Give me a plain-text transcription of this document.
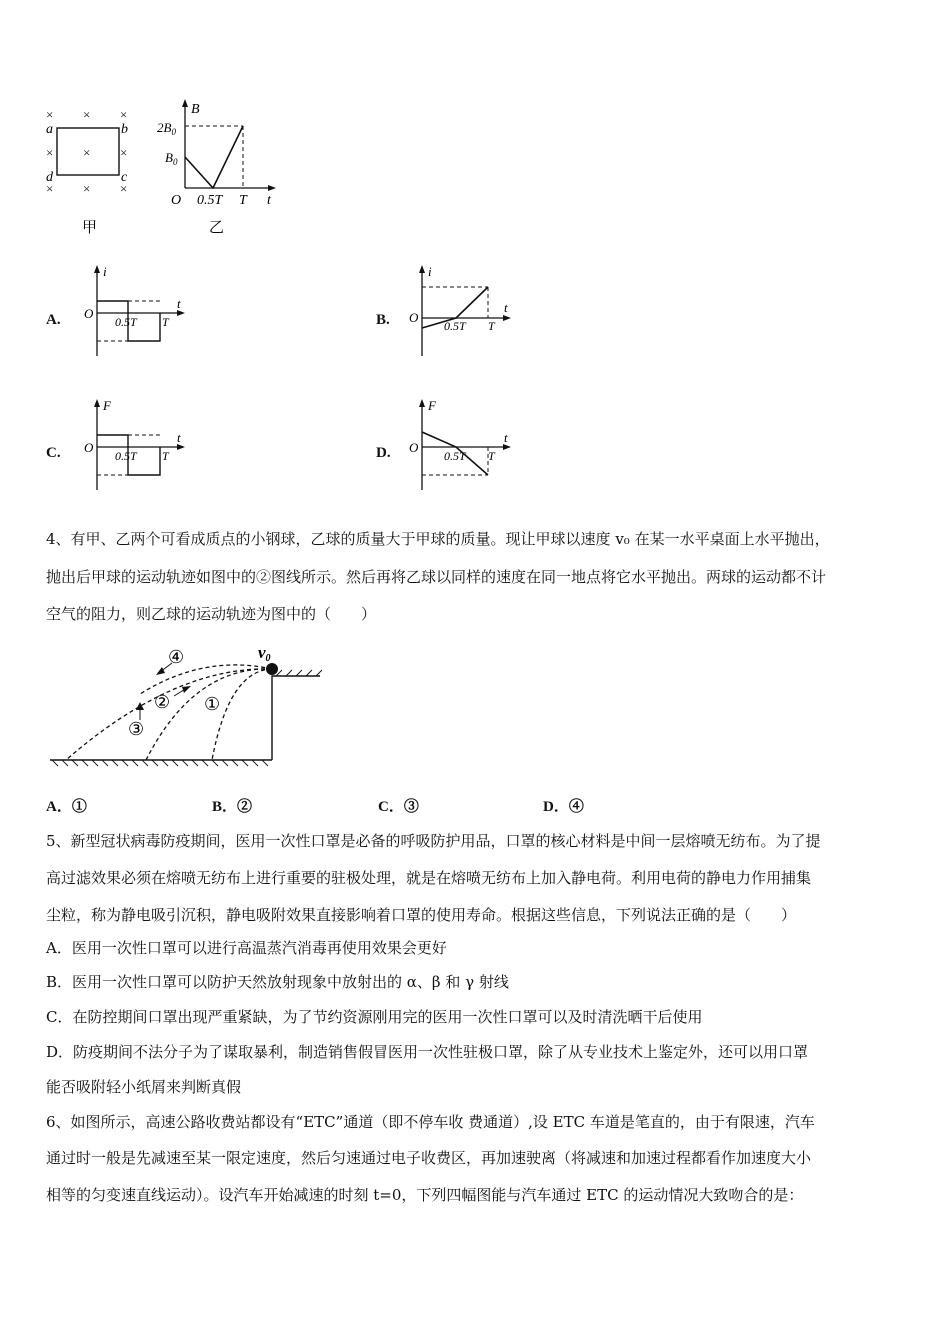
× × ×
× × ×
× × ×
a	b
c
d
甲
B
t
O
$2B_0$
$B_0$
0.5T T
乙
A.
i
t
O
0.5T T	B.
i
t
O
0.5T T
C.
F
t
O
0.5T T	D.
F
t
O
0.5T T
4、有甲、乙两个可看成质点的小钢球，乙球的质量大于甲球的质量。现让甲球以速度 v₀ 在某一水平桌面上水平抛出，
抛出后甲球的运动轨迹如图中的②图线所示。然后再将乙球以同样的速度在同一地点将它水平抛出。两球的运动都不计
空气的阻力，则乙球的运动轨迹为图中的（　　）
v0
④
② ①
③
A．①	B．②	C．③	D．④
5、新型冠状病毒防疫期间，医用一次性口罩是必备的呼吸防护用品，口罩的核心材料是中间一层熔喷无纺布。为了提
高过滤效果必须在熔喷无纺布上进行重要的驻极处理，就是在熔喷无纺布上加入静电荷。利用电荷的静电力作用捕集
尘粒，称为静电吸引沉积，静电吸附效果直接影响着口罩的使用寿命。根据这些信息，下列说法正确的是（　　）
A．医用一次性口罩可以进行高温蒸汽消毒再使用效果会更好
B．医用一次性口罩可以防护天然放射现象中放射出的 α、β 和 γ 射线
C．在防控期间口罩出现严重紧缺，为了节约资源刚用完的医用一次性口罩可以及时清洗晒干后使用
D．防疫期间不法分子为了谋取暴利，制造销售假冒医用一次性驻极口罩，除了从专业技术上鉴定外，还可以用口罩
能否吸附轻小纸屑来判断真假
6、如图所示，高速公路收费站都设有“ETC”通道（即不停车收 费通道）,设 ETC 车道是笔直的，由于有限速，汽车
通过时一般是先减速至某一限定速度，然后匀速通过电子收费区，再加速驶离（将减速和加速过程都看作加速度大小
相等的匀变速直线运动）。设汽车开始减速的时刻 t=0，下列四幅图能与汽车通过 ETC 的运动情况大致吻合的是：
